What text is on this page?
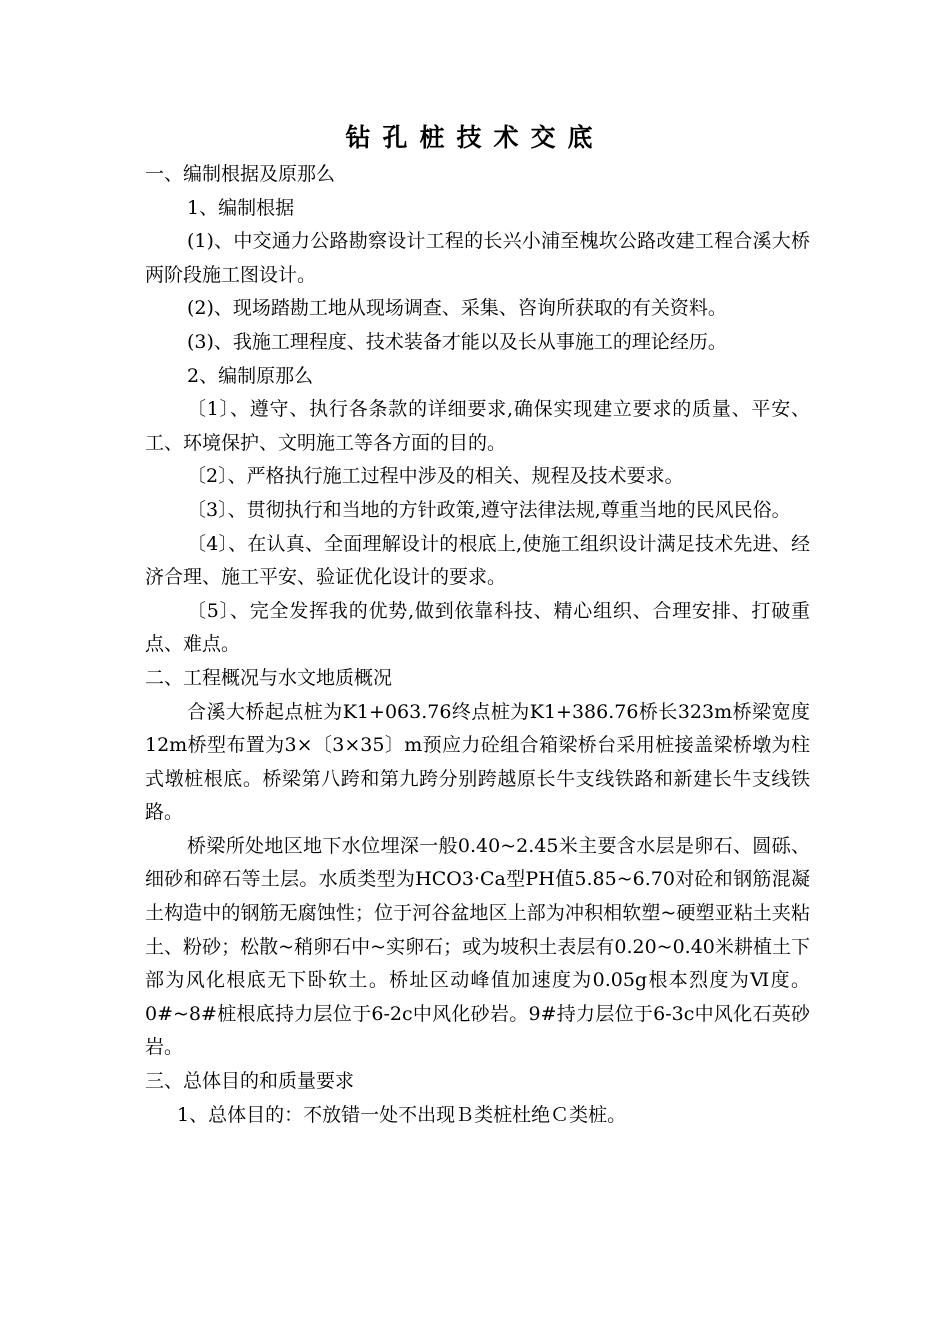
钻孔桩技术交底

一、编制根据及原那么

1、编制根据

(1)、中交通力公路勘察设计工程的长兴小浦至槐坎公路改建工程合溪大桥两阶段施工图设计。

(2)、现场踏勘工地从现场调查、采集、咨询所获取的有关资料。

(3)、我施工理程度、技术装备才能以及长从事施工的理论经历。

2、编制原那么

〔1〕、遵守、执行各条款的详细要求,确保实现建立要求的质量、平安、工、环境保护、文明施工等各方面的目的。

〔2〕、严格执行施工过程中涉及的相关、规程及技术要求。

〔3〕、贯彻执行和当地的方针政策,遵守法律法规,尊重当地的民风民俗。

〔4〕、在认真、全面理解设计的根底上,使施工组织设计满足技术先进、经济合理、施工平安、验证优化设计的要求。

〔5〕、完全发挥我的优势,做到依靠科技、精心组织、合理安排、打破重点、难点。

二、工程概况与水文地质概况

合溪大桥起点桩为K1+063.76终点桩为K1+386.76桥长323m桥梁宽度12m桥型布置为3×〔3×35〕m预应力砼组合箱梁桥台采用桩接盖梁桥墩为柱式墩桩根底。桥梁第八跨和第九跨分别跨越原长牛支线铁路和新建长牛支线铁路。

桥梁所处地区地下水位埋深一般0.40~2.45米主要含水层是卵石、圆砾、细砂和碎石等土层。水质类型为HCO3·Ca型PH值5.85~6.70对砼和钢筋混凝土构造中的钢筋无腐蚀性；位于河谷盆地区上部为冲积相软塑~硬塑亚粘土夹粘土、粉砂；松散~稍卵石中~实卵石；或为坡积土表层有0.20~0.40米耕植土下部为风化根底无下卧软土。桥址区动峰值加速度为0.05g根本烈度为Ⅵ度。0#~8#桩根底持力层位于6-2c中风化砂岩。9#持力层位于6-3c中风化石英砂岩。

三、总体目的和质量要求

1、总体目的：不放错一处不出现Ｂ类桩杜绝Ｃ类桩。
